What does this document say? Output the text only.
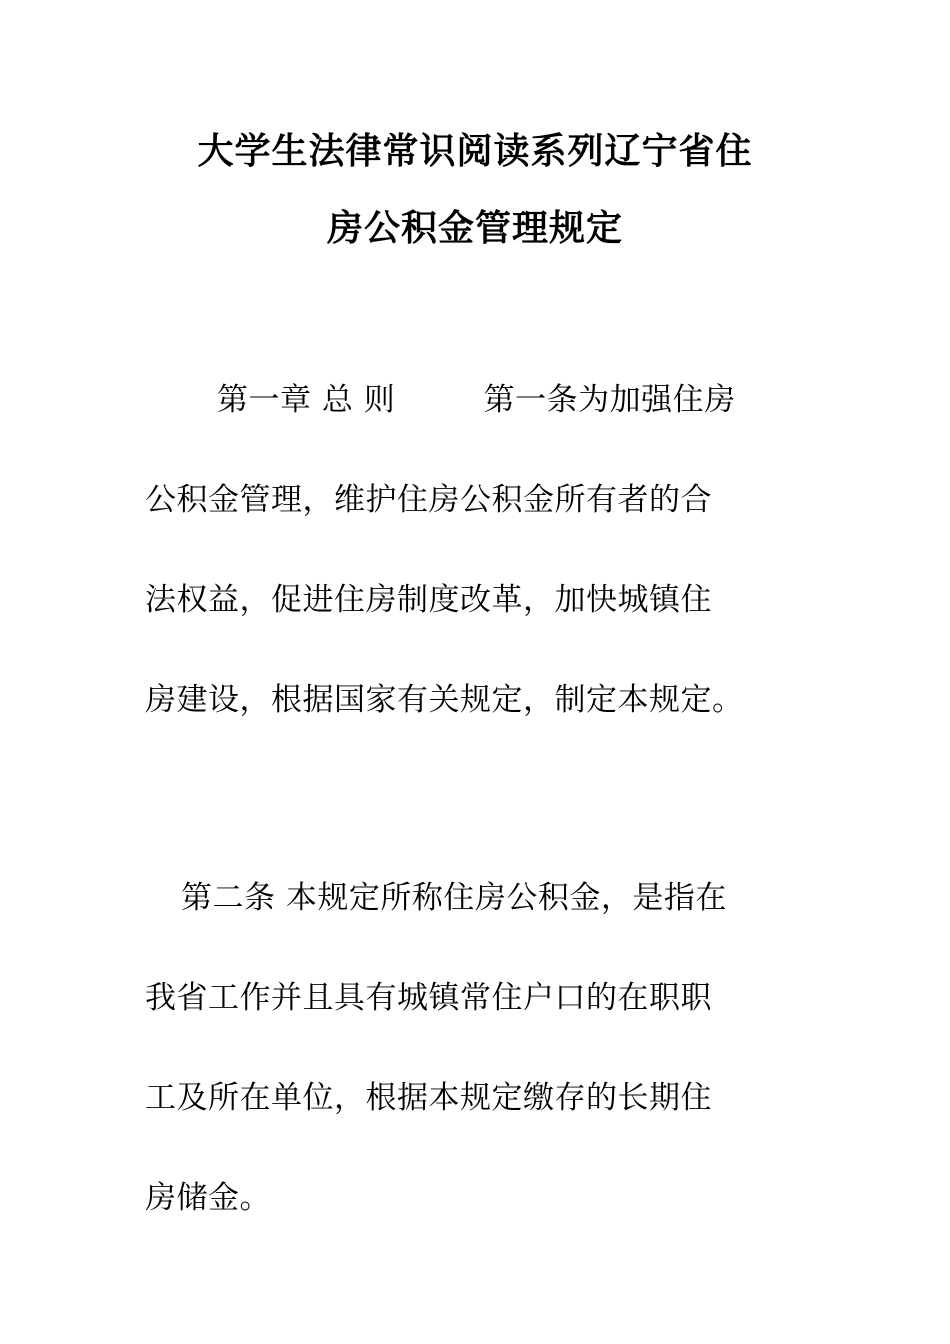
大学生法律常识阅读系列辽宁省住
房公积金管理规定
第一章 总 则	第一条为加强住房
公积金管理，维护住房公积金所有者的合
法权益，促进住房制度改革，加快城镇住
房建设，根据国家有关规定，制定本规定。
第二条 本规定所称住房公积金，是指在
我省工作并且具有城镇常住户口的在职职
工及所在单位，根据本规定缴存的长期住
房储金。
